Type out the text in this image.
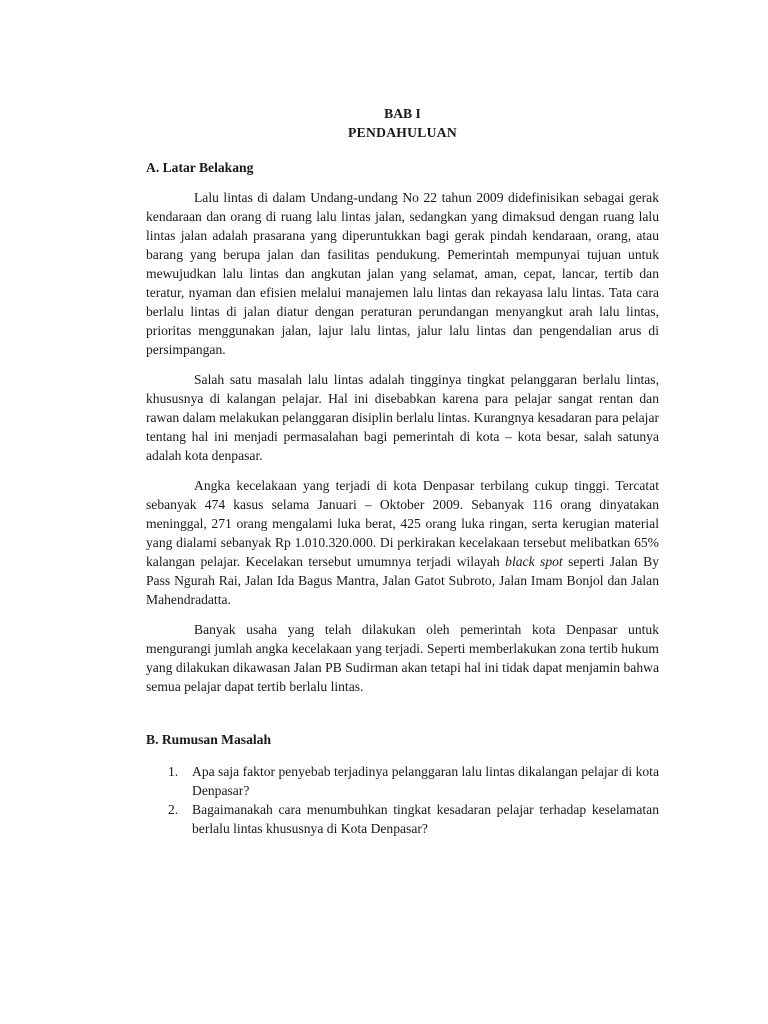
BAB I
PENDAHULUAN
A. Latar Belakang

Lalu lintas di dalam Undang-undang No 22 tahun 2009 didefinisikan sebagai gerak kendaraan dan orang di ruang lalu lintas jalan, sedangkan yang dimaksud dengan ruang lalu lintas jalan adalah prasarana yang diperuntukkan bagi gerak pindah kendaraan, orang, atau barang yang berupa jalan dan fasilitas pendukung. Pemerintah mempunyai tujuan untuk mewujudkan lalu lintas dan angkutan jalan yang selamat, aman, cepat, lancar, tertib dan teratur, nyaman dan efisien melalui manajemen lalu lintas dan rekayasa lalu lintas. Tata cara berlalu lintas di jalan diatur dengan peraturan perundangan menyangkut arah lalu lintas, prioritas menggunakan jalan, lajur lalu lintas, jalur lalu lintas dan pengendalian arus di persimpangan.

Salah satu masalah lalu lintas adalah tingginya tingkat pelanggaran berlalu lintas, khususnya di kalangan pelajar. Hal ini disebabkan karena para pelajar sangat rentan dan rawan dalam melakukan pelanggaran disiplin berlalu lintas. Kurangnya kesadaran para pelajar tentang hal ini menjadi permasalahan bagi pemerintah di kota – kota besar, salah satunya adalah kota denpasar.

Angka kecelakaan yang terjadi di kota Denpasar terbilang cukup tinggi. Tercatat sebanyak 474 kasus selama Januari – Oktober 2009. Sebanyak 116 orang dinyatakan meninggal, 271 orang mengalami luka berat, 425 orang luka ringan, serta kerugian material yang dialami sebanyak Rp 1.010.320.000. Di perkirakan kecelakaan tersebut melibatkan 65% kalangan pelajar. Kecelakan tersebut umumnya terjadi wilayah black spot seperti Jalan By Pass Ngurah Rai, Jalan Ida Bagus Mantra, Jalan Gatot Subroto, Jalan Imam Bonjol dan Jalan Mahendradatta.

Banyak usaha yang telah dilakukan oleh pemerintah kota Denpasar untuk mengurangi jumlah angka kecelakaan yang terjadi. Seperti memberlakukan zona tertib hukum yang dilakukan dikawasan Jalan PB Sudirman akan tetapi hal ini tidak dapat menjamin bahwa semua pelajar dapat tertib berlalu lintas.

B. Rumusan Masalah
1. Apa saja faktor penyebab terjadinya pelanggaran lalu lintas dikalangan pelajar di kota Denpasar?
2. Bagaimanakah cara menumbuhkan tingkat kesadaran pelajar terhadap keselamatan berlalu lintas khususnya di Kota Denpasar?
